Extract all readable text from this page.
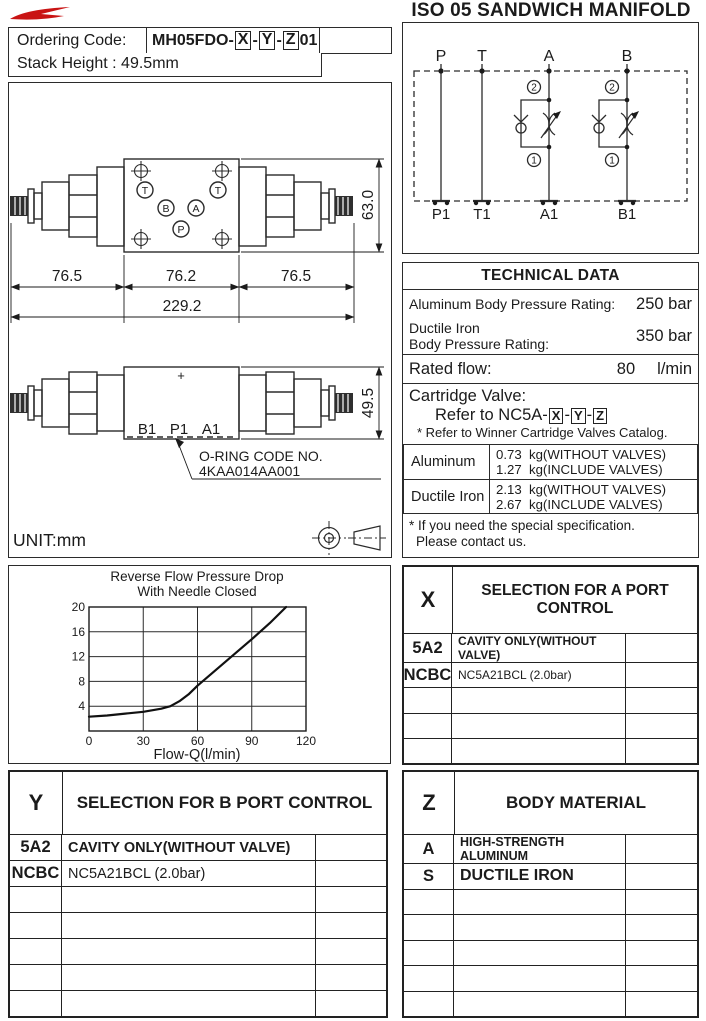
ISO 05 SANDWICH MANIFOLD
Ordering Code:	MH05FDO- X - Y - Z 01
Stack Height : 49.5mm	P T	A	B
P1 T1	A1	B1
2
1
2
1
T	T
B A
P
76.5	76.2	76.5
229.2
63.0
+
B1 P1 A1
49.5
O-RING CODE NO.
4KAA014AA001
UNIT:mm
TECHNICAL DATA
Aluminum Body Pressure Rating:	250 bar
Ductile Iron
Body Pressure Rating:	350 bar
Rated flow:	80 l/min
Cartridge Valve:
Refer to NC5A- X - Y - Z
* Refer to Winner Cartridge Valves Catalog.
Aluminum	0.73  kg(WITHOUT VALVES)
1.27  kg(INCLUDE VALVES)
Ductile Iron 2.13  kg(WITHOUT VALVES)
2.67  kg(INCLUDE VALVES)
* If you need the special specification.
Please contact us.
Reverse Flow Pressure Drop
With Needle Closed
0	30	60	90	120
4
8
12
16
20
Flow-Q(l/min)
X	SELECTION FOR A PORT CONTROL
5A2	CAVITY ONLY(WITHOUT VALVE)
NCBC NC5A21BCL (2.0bar)
Y	SELECTION FOR B PORT CONTROL
5A2	CAVITY ONLY(WITHOUT VALVE)
NCBC NC5A21BCL (2.0bar)
Z	BODY MATERIAL
A	HIGH-STRENGTH ALUMINUM
S	DUCTILE IRON
